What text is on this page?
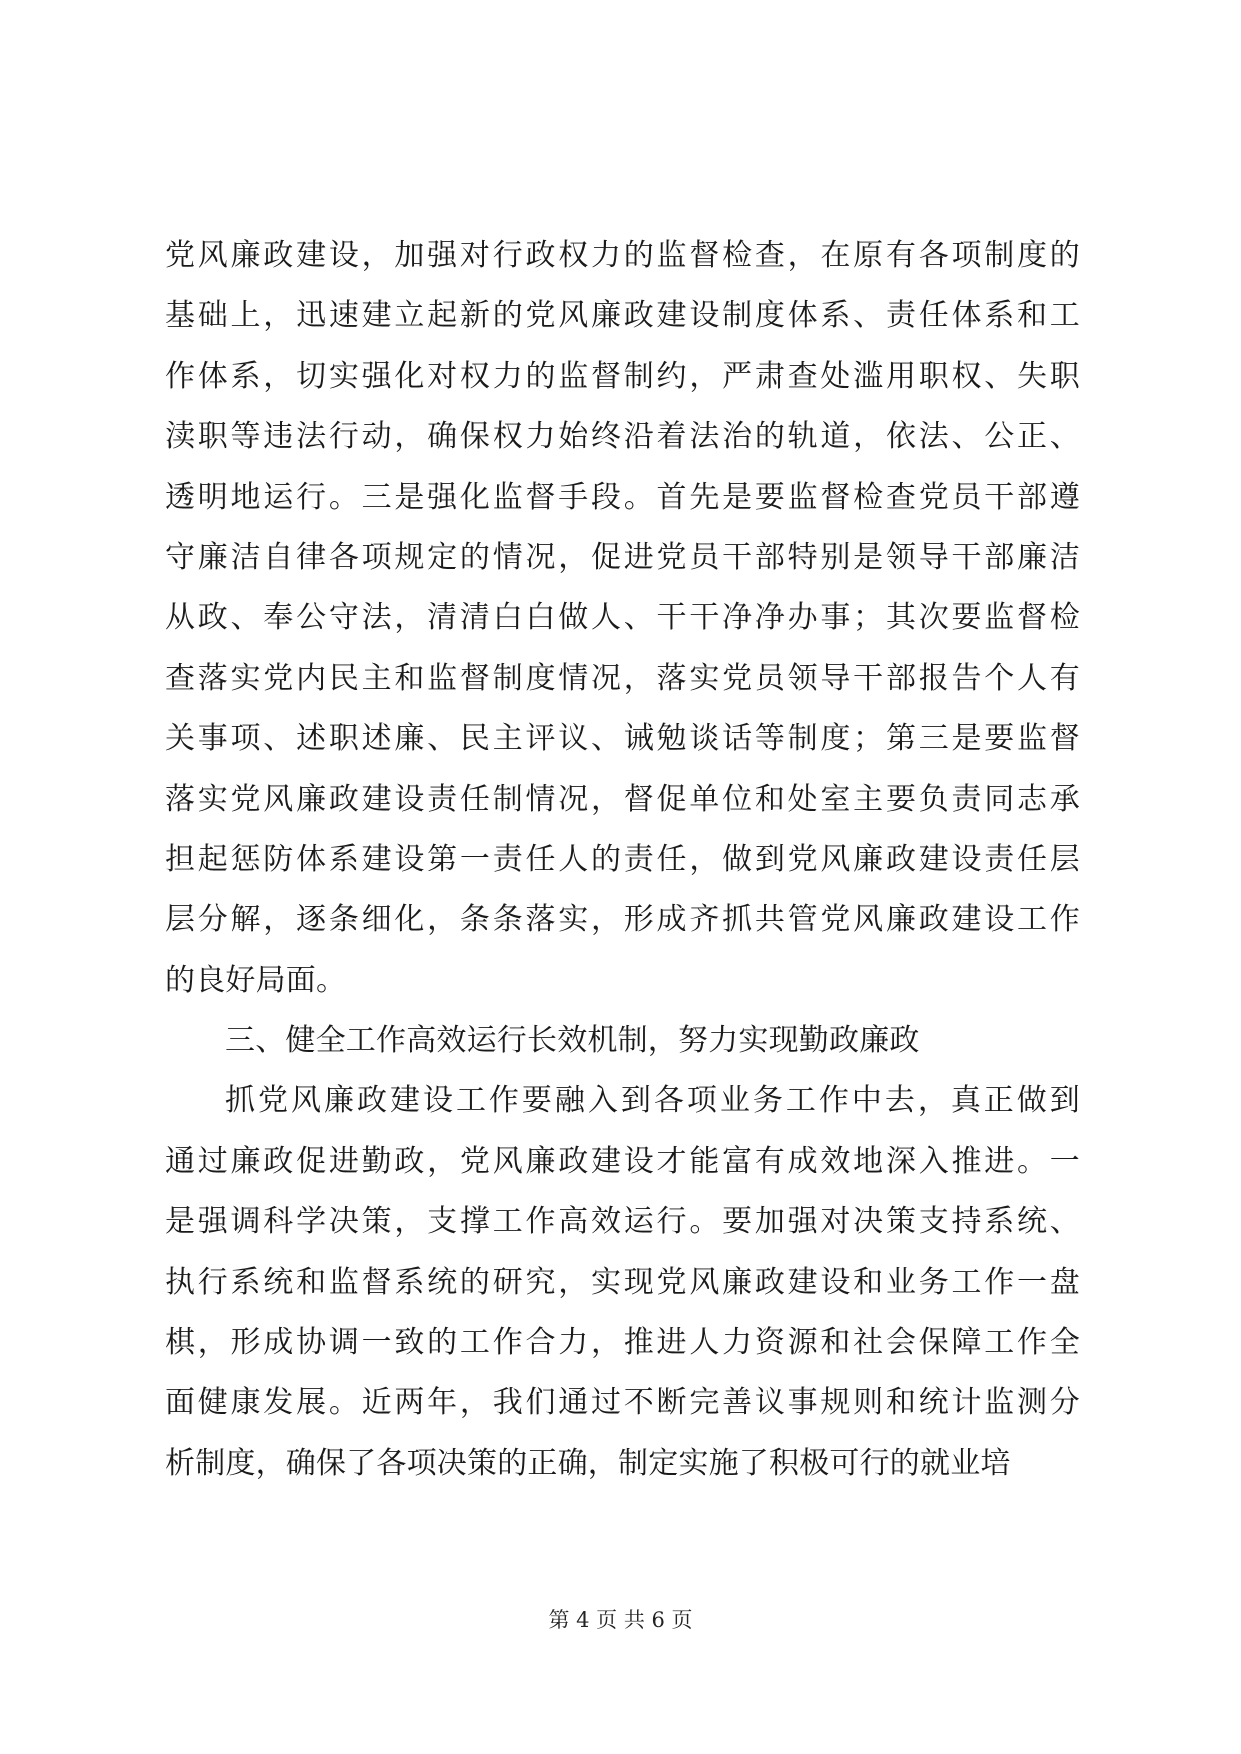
党风廉政建设，加强对行政权力的监督检查，在原有各项制度的
基础上，迅速建立起新的党风廉政建设制度体系、责任体系和工
作体系，切实强化对权力的监督制约，严肃查处滥用职权、失职
渎职等违法行动，确保权力始终沿着法治的轨道，依法、公正、
透明地运行。三是强化监督手段。首先是要监督检查党员干部遵
守廉洁自律各项规定的情况，促进党员干部特别是领导干部廉洁
从政、奉公守法，清清白白做人、干干净净办事；其次要监督检
查落实党内民主和监督制度情况，落实党员领导干部报告个人有
关事项、述职述廉、民主评议、诫勉谈话等制度；第三是要监督
落实党风廉政建设责任制情况，督促单位和处室主要负责同志承
担起惩防体系建设第一责任人的责任，做到党风廉政建设责任层
层分解，逐条细化，条条落实，形成齐抓共管党风廉政建设工作
的良好局面。
三、健全工作高效运行长效机制，努力实现勤政廉政
抓党风廉政建设工作要融入到各项业务工作中去，真正做到
通过廉政促进勤政，党风廉政建设才能富有成效地深入推进。一
是强调科学决策，支撑工作高效运行。要加强对决策支持系统、
执行系统和监督系统的研究，实现党风廉政建设和业务工作一盘
棋，形成协调一致的工作合力，推进人力资源和社会保障工作全
面健康发展。近两年，我们通过不断完善议事规则和统计监测分
析制度，确保了各项决策的正确，制定实施了积极可行的就业培
第 4 页 共 6 页
